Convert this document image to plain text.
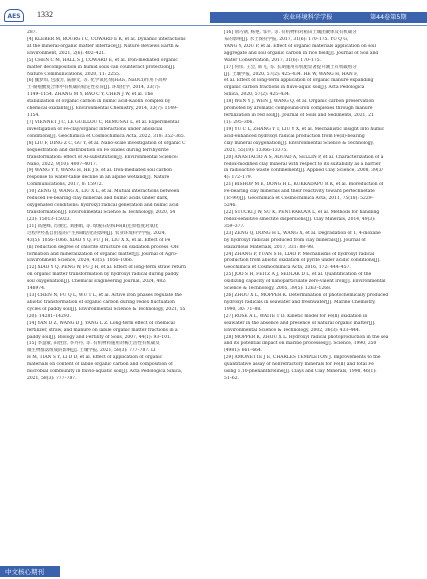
AES	1332	农业环境科学学报	第44卷第5期

287.

[4] KLEBER M, BOURG I C, COWARD E K, et al. Dynamic interactions

at the mineral-organic matter interface[J]. Nature Reviews Earth &

Environment, 2021, 2(6): 402–421.

[5] CHEN C M, HALL S J, COWARD E, et al. Iron-mediated organic

matter decomposition in humid soils can counteract protection[J].

Nature Communications, 2020, 11: 2255.

[6] 魏梦琪, 包淑芳, 陆静文, 等. 化学氧化剂(H₂O₂, NaOCl)作用下高岭

土-腐殖酸复合体中有机碳的稳定性差异[J]. 环境化学, 2014, 33(7):

1149–1154. ZHANG M Y, BAO C Y, CHEN J W, et al. The

stabilization of organic carbon in humic acid-Kaolin complex by

chemical oxidants[J]. Environmental Chemistry, 2014, 33(7): 1149–

1154.

[7] VIENNET J C, LE GUILLOU C, REMUSAT L, et al. Experimental

investigation of Fe-clay/organic interactions under anoxicial

conditions[J]. Geochimica et Cosmochimica Acta, 2022, 318: 352–365.

[8] LIU F, DING Z C, GU Y, et al. Nano-scale investigation of organic C

sequestration and distribution on Fe oxides during ferrihydrite

transformation: effect of Al-substitution[J]. Environmental Science:

Nano, 2022, 9(10): 4007–4017.

[9] WANG Y Y, WANG H, HE J S, et al. Iron-mediated soil carbon

response to water-table decline in an alpine wetland[J]. Nature

Communications, 2017, 8: 15972.

[10] ZENG Q, WANG X, LIU X L, et al. Mutual interactions between

reduced Fe-bearing clay minerals and humic acids under dark,

oxygenated conditions: hydroxyl radical generation and humic acid

transformation[J]. Environmental Science & Technology, 2020, 54

(23): 15013–15023.

[11] 高艳峰, 肖俊宏, 刘丽娟, 等. 绿脱石结构Fe(Ⅱ)还原程度对氧化

过程中羟基自由基的产生和磷活化的影响[J]. 农业环境科学学报, 2024,

43(5): 1056–1066. XIAO Y Q, FU J H, LIU X X, et al. Effect of Fe

(Ⅱ) reduction degree of chlorite structure on oxidation process ·OH

formation and mineralization of organic matter[J]. Journal of Agro-

Environment Science, 2024, 43(5): 1056–1066.

[12] XIAO Y Q, PENG W, FU J H, et al. Effect of long-term straw return

on organic matter transformation by hydroxyl radical during paddy

soil oxygenation[J]. Chemical Engineering Journal, 2024, 482:

148974.

[13] CHEN N, FU Q L, WU T L, et al. Active iron phases regulate the

abiotic transformation of organic carbon during redox fluctuation

cycles of paddy soil[J]. Environmental Science & Technology, 2021, 55

(20): 14281–14293.

[14] YAN D Z, WANG D J, YANG L Z. Long-term effect of chemical

fertilizer, straw, and manure on labile organic matter fractions in a

paddy soil[J]. Biology and Fertility of Soils, 2007, 44(1): 93–101.

[15] 李慧敏, 田胜营, 李丹丹, 等. 有机物料施用对稀土活性有机碳及

微生物群落组成的影响[J]. 土壤学报, 2021, 58(3): 777–787. LI

H M, TIAN S Y, LI D D, et al. Effect of application of organic

materials on content of labile organic carbon and composition of

microbial community in fluvio-aquatic soil[J]. Acta Pedologica Sinica,

2021, 58(3): 777–787.

[16] 俞巧钢, 杨艳, 邹平, 等. 有机物料对稻田土壤团聚体及有机碳分

布的影响[J]. 水土保持学报, 2017, 31(6): 170–175. YU Q G,

YANG Y, ZOU P, et al. Effect of organic materials application on soil

aggregate and soil organic carbon in rice field[J]. Journal of Soil and

Water Conservation, 2017, 31(6): 170–175.

[17] 何伟, 王会, 韩飞, 等. 长期施用有机肥显著提升潮土有机碳组分

[J]. 土壤学报, 2020, 57(2): 425–434. HE W, WANG H, HAN F,

et al. Effect of long-term application of organic manure expanding

organic carbon fractions in fluvo-aquic soil[J]. Acta Pedologica

Sinica, 2020, 57(2): 425–434.

[18] WEN Y J, WEN J, WANG Q, et al. Organic carbon preservation

promoted by aromatic compound-iron complexes through manure

fertilization in red soil[J]. Journal of Soils and Sediments, 2021, 21

(1): 295–306.

[19] YU C L, ZHANG Y T, LIU Y X, et al. Mechanistic insight into humic

acid-enhanced hydroxyl radical production from Fe(Ⅱ)-bearing

clay mineral oxygenation[J]. Environmental Science & Technology,

2021, 55(19): 13366–13375.

[20] ANASTACIO A S, AOUAD A, SELLIN P, et al. Characterization of a

redox-modified clay mineral with respect to its suitability as a barrier

in radioactive waste confinement[J]. Applied Clay Science, 2008, 39(3/

4): 172–179.

[21] BISHOP M E, DONG H L, KUKKADAPU R K, et al. Bioreduction of

Fe-bearing clay minerals and their reactivity toward pertechnetate

(Tc-99)[J]. Geochimica et Cosmochimica Acta, 2011, 75(18): 5229–

5246.

[22] STUCKI J W, SU K, PENTRÁKOVÁ L, et al. Methods for handling

redox-sensitive smectite dispersions[J]. Clay Minerals, 2014, 49(3):

359–377.

[23] ZENG Q, DONG H L, WANG X, et al. Degradation of 1, 4-dioxane

by hydroxyl radicals produced from clay minerals[J]. Journal of

Hazardous Materials, 2017, 331: 88–98.

[24] ZHANG P, YUAN S H, LIAO P. Mechanisms of hydroxyl radical

production from abiotic oxidation of pyrite under acidic conditions[J].

Geochimica et Cosmochimica Acta, 2016, 172: 444–457.

[25] JOO S H, FEITZ A J, SEDLAK D L, et al. Quantification of the

oxidizing capacity of nanoparticulate zero-valent iron[J]. Environmental

Science & Technology, 2005, 39(5): 1263–1268.

[26] ZHOU X L, MOPPER K. Determination of photochemically produced

hydroxyl radicals in seawater and freshwater[J]. Marine Chemistry,

1990, 30: 71–88.

[27] ROSE A L, WAITE T D. Kinetic model for Fe(Ⅱ) oxidation in

seawater in the absence and presence of natural organic matter[J].

Environmental Science & Technology, 2002, 36(3): 433–444.

[28] MOPPER K, ZHOU X L. Hydroxyl radical photoproduction in the sea

and its potential impact on marine processes[J]. Science, 1990, 250

(4981): 661–664.

[29] AMONETTE J E, CHARLES TEMPLETON J. Improvements to the

quantitative assay of nonrefractory minerals for Fe(Ⅱ) and total Fe

using 1,10-phenanthroline[J]. Clays and Clay Minerals, 1998, 46(1):

51–62.

中文核心期刊
